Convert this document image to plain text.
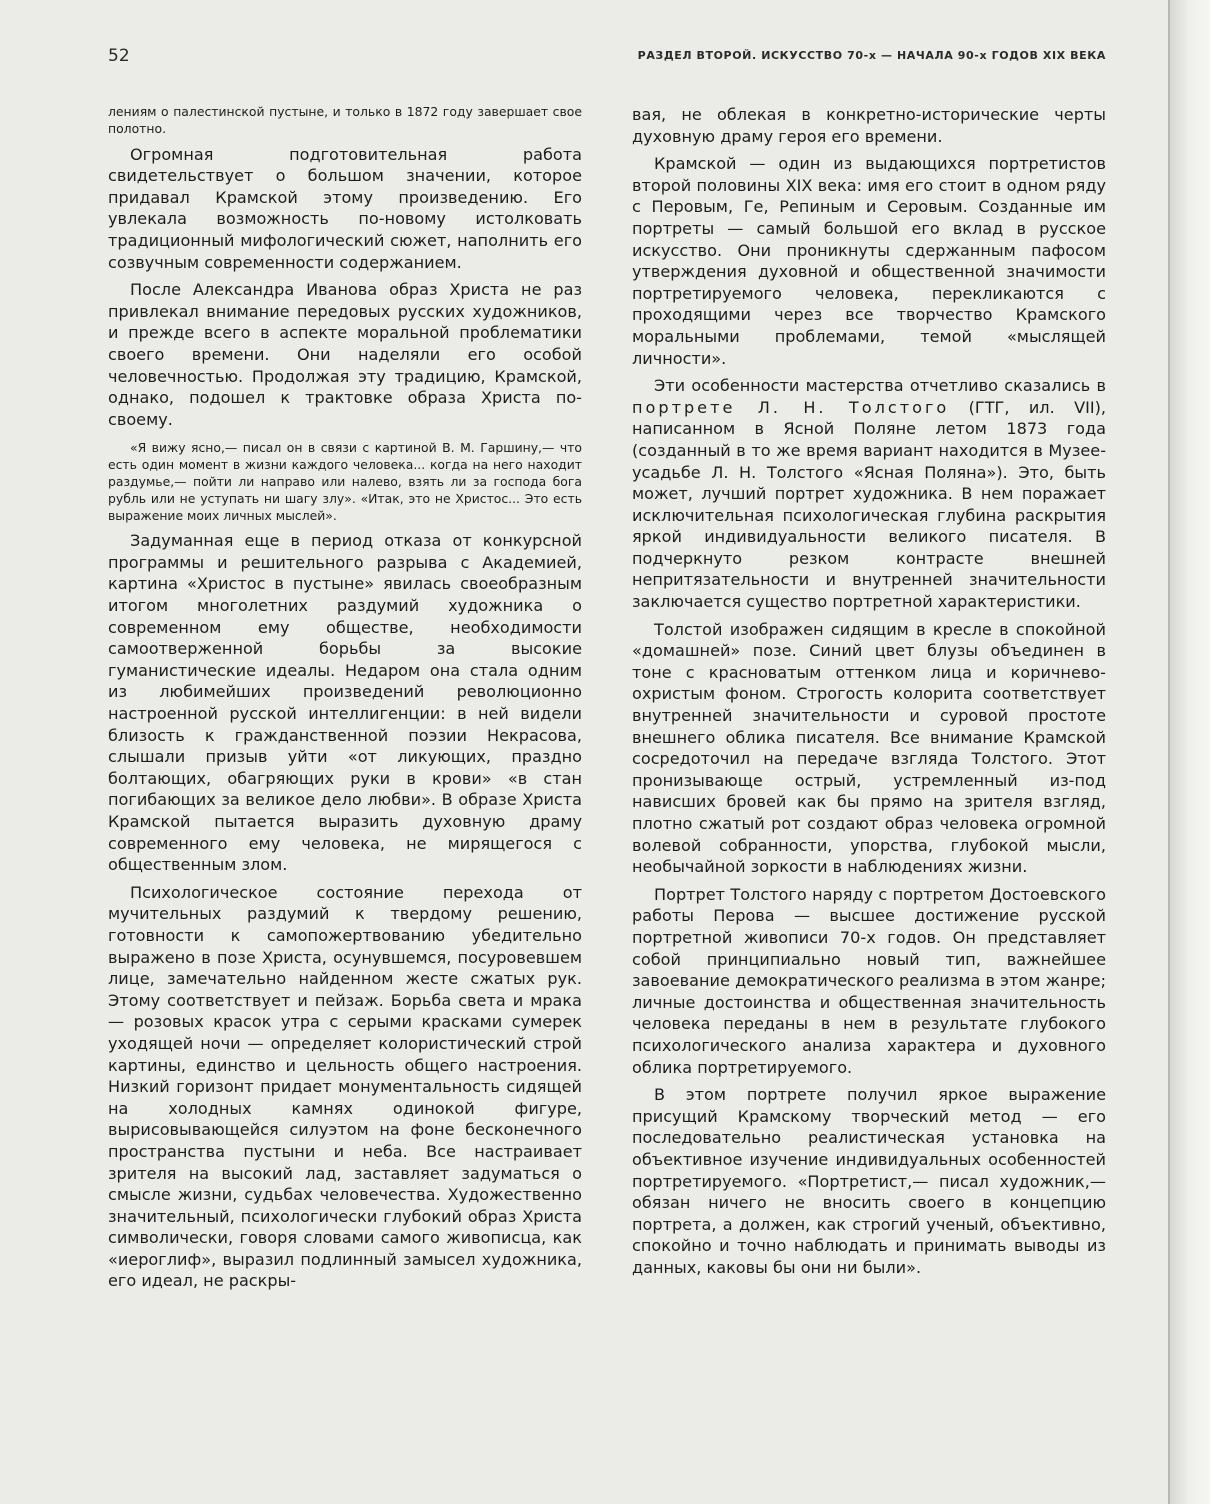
52	РАЗДЕЛ ВТОРОЙ. ИСКУССТВО 70-х — НАЧАЛА 90-х ГОДОВ XIX ВЕКА

лениям о палестинской пустыне, и только в 1872 году завершает свое полотно.

Огромная подготовительная работа свидетельствует о большом значении, которое придавал Крамской этому произведению. Его увлекала возможность по-новому истолковать традиционный мифологический сюжет, наполнить его созвучным современности содержанием.

После Александра Иванова образ Христа не раз привлекал внимание передовых русских художников, и прежде всего в аспекте моральной проблематики своего времени. Они наделяли его особой человечностью. Продолжая эту традицию, Крамской, однако, подошел к трактовке образа Христа по-своему.

«Я вижу ясно,— писал он в связи с картиной В. М. Гаршину,— что есть один момент в жизни каждого человека... когда на него находит раздумье,— пойти ли направо или налево, взять ли за господа бога рубль или не уступать ни шагу злу». «Итак, это не Христос... Это есть выражение моих личных мыслей».

Задуманная еще в период отказа от конкурсной программы и решительного разрыва с Академией, картина «Христос в пустыне» явилась своеобразным итогом многолетних раздумий художника о современном ему обществе, необходимости самоотверженной борьбы за высокие гуманистические идеалы. Недаром она стала одним из любимейших произведений революционно настроенной русской интеллигенции: в ней видели близость к гражданственной поэзии Некрасова, слышали призыв уйти «от ликующих, праздно болтающих, обагряющих руки в крови» «в стан погибающих за великое дело любви». В образе Христа Крамской пытается выразить духовную драму современного ему человека, не мирящегося с общественным злом.

Психологическое состояние перехода от мучительных раздумий к твердому решению, готовности к самопожертвованию убедительно выражено в позе Христа, осунувшемся, посуровевшем лице, замечательно найденном жесте сжатых рук. Этому соответствует и пейзаж. Борьба света и мрака — розовых красок утра с серыми красками сумерек уходящей ночи — определяет колористический строй картины, единство и цельность общего настроения. Низкий горизонт придает монументальность сидящей на холодных камнях одинокой фигуре, вырисовывающейся силуэтом на фоне бесконечного пространства пустыни и неба. Все настраивает зрителя на высокий лад, заставляет задуматься о смысле жизни, судьбах человечества. Художественно значительный, психологически глубокий образ Христа символически, говоря словами самого живописца, как «иероглиф», выразил подлинный замысел художника, его идеал, не раскры-

вая, не облекая в конкретно-исторические черты духовную драму героя его времени.

Крамской — один из выдающихся портретистов второй половины XIX века: имя его стоит в одном ряду с Перовым, Ге, Репиным и Серовым. Созданные им портреты — самый большой его вклад в русское искусство. Они проникнуты сдержанным пафосом утверждения духовной и общественной значимости портретируемого человека, перекликаются с проходящими через все творчество Крамского моральными проблемами, темой «мыслящей личности».

Эти особенности мастерства отчетливо сказались в портрете Л. Н. Толстого (ГТГ, ил. VII), написанном в Ясной Поляне летом 1873 года (созданный в то же время вариант находится в Музее-усадьбе Л. Н. Толстого «Ясная Поляна»). Это, быть может, лучший портрет художника. В нем поражает исключительная психологическая глубина раскрытия яркой индивидуальности великого писателя. В подчеркнуто резком контрасте внешней непритязательности и внутренней значительности заключается существо портретной характеристики.

Толстой изображен сидящим в кресле в спокойной «домашней» позе. Синий цвет блузы объединен в тоне с красноватым оттенком лица и коричнево-охристым фоном. Строгость колорита соответствует внутренней значительности и суровой простоте внешнего облика писателя. Все внимание Крамской сосредоточил на передаче взгляда Толстого. Этот пронизывающе острый, устремленный из-под нависших бровей как бы прямо на зрителя взгляд, плотно сжатый рот создают образ человека огромной волевой собранности, упорства, глубокой мысли, необычайной зоркости в наблюдениях жизни.

Портрет Толстого наряду с портретом Достоевского работы Перова — высшее достижение русской портретной живописи 70-х годов. Он представляет собой принципиально новый тип, важнейшее завоевание демократического реализма в этом жанре; личные достоинства и общественная значительность человека переданы в нем в результате глубокого психологического анализа характера и духовного облика портретируемого.

В этом портрете получил яркое выражение присущий Крамскому творческий метод — его последовательно реалистическая установка на объективное изучение индивидуальных особенностей портретируемого. «Портретист,— писал художник,— обязан ничего не вносить своего в концепцию портрета, а должен, как строгий ученый, объективно, спокойно и точно наблюдать и принимать выводы из данных, каковы бы они ни были».
